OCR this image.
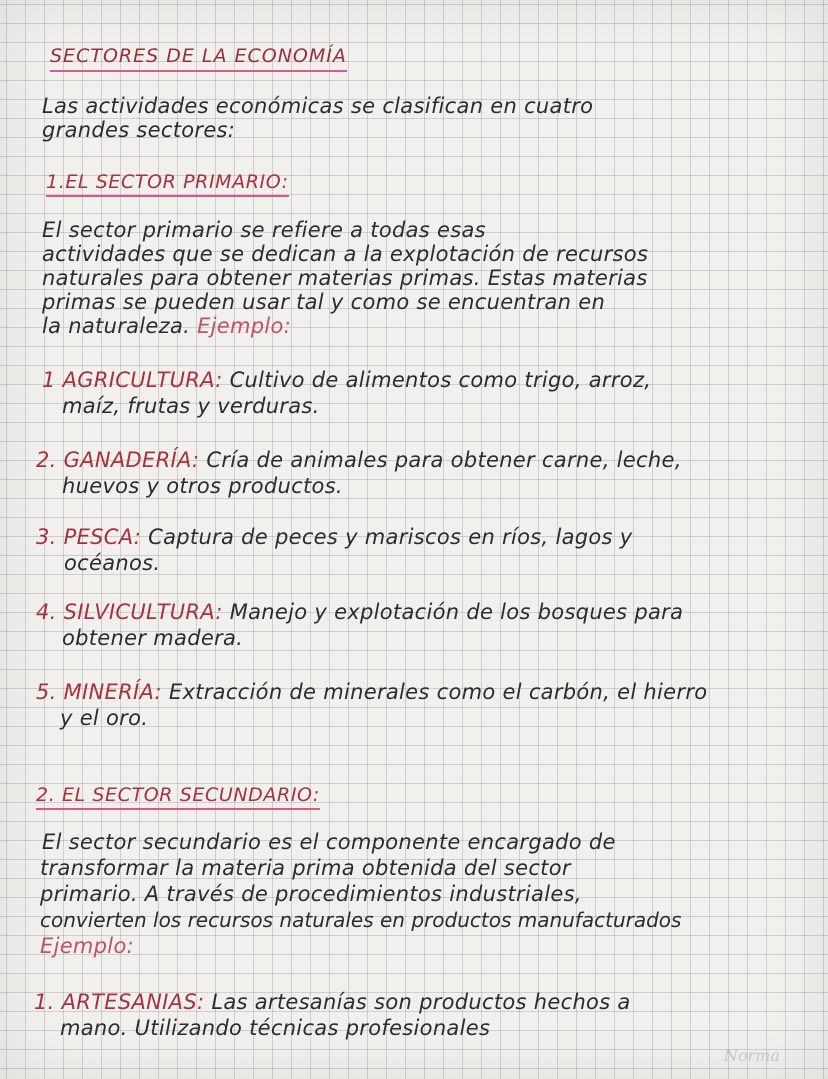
SECTORES DE LA ECONOMÍA

Las actividades económicas se clasifican en cuatro

grandes sectores:

1.EL SECTOR PRIMARIO:

El sector primario se refiere a todas esas

actividades que se dedican a la explotación de recursos

naturales para obtener materias primas. Estas materias

primas se pueden usar tal y como se encuentran en

la naturaleza. Ejemplo:

1 AGRICULTURA: Cultivo de alimentos como trigo, arroz,

maíz, frutas y verduras.

2. GANADERÍA: Cría de animales para obtener carne, leche,

huevos y otros productos.

3. PESCA: Captura de peces y mariscos en ríos, lagos y

océanos.

4. SILVICULTURA: Manejo y explotación de los bosques para

obtener madera.

5. MINERÍA: Extracción de minerales como el carbón, el hierro

y el oro.

2. EL SECTOR SECUNDARIO:

El sector secundario es el componente encargado de

transformar la materia prima obtenida del sector

primario. A través de procedimientos industriales,

convierten los recursos naturales en productos manufacturados

Ejemplo:

1. ARTESANIAS: Las artesanías son productos hechos a

mano. Utilizando técnicas profesionales

Norma
